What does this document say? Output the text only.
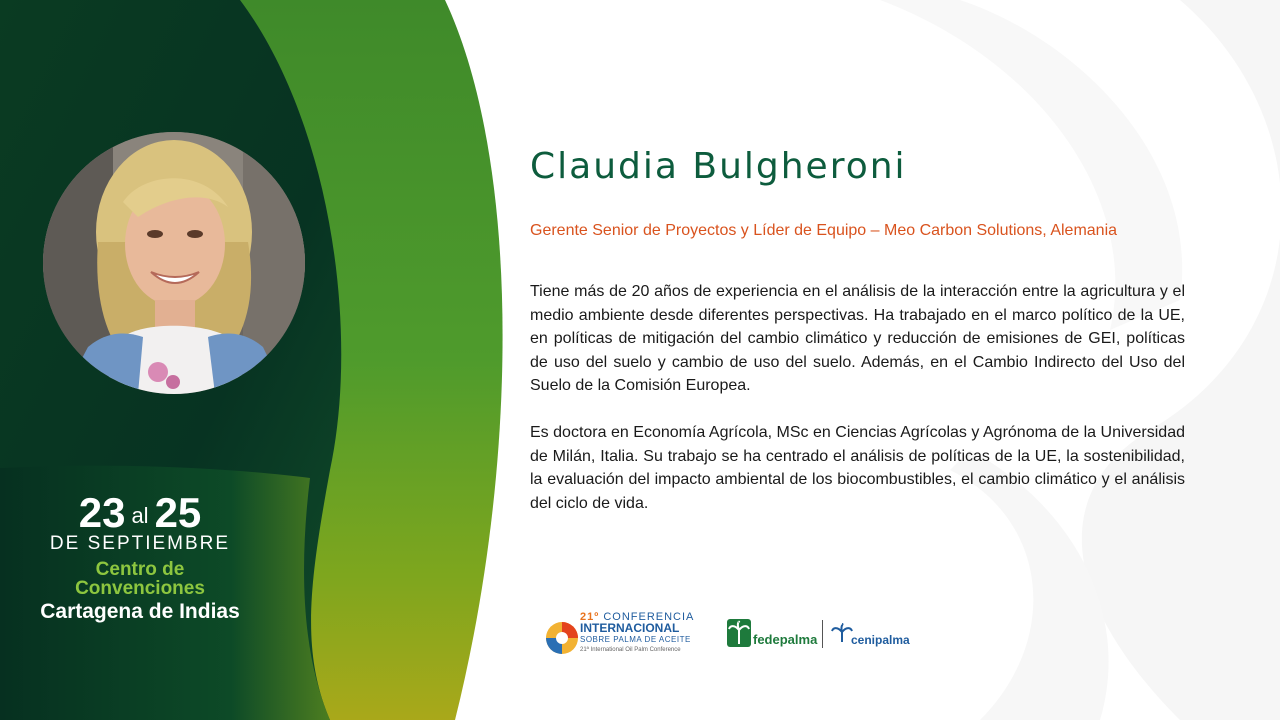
23 al 25
DE SEPTIEMBRE
Centro de
Convenciones
Cartagena de Indias
Claudia Bulgheroni
Gerente Senior de Proyectos y Líder de Equipo – Meo Carbon Solutions, Alemania

Tiene más de 20 años de experiencia en el análisis de la interacción entre la agricultura y el medio ambiente desde diferentes perspectivas. Ha trabajado en el marco político de la UE, en políticas de mitigación del cambio climático y reducción de emisiones de GEI, políticas de uso del suelo y cambio de uso del suelo. Además, en el Cambio Indirecto del Uso del Suelo de la Comisión Europea.

Es doctora en Economía Agrícola, MSc en Ciencias Agrícolas y Agrónoma de la Universidad de Milán, Italia. Su trabajo se ha centrado el análisis de políticas de la UE, la sostenibilidad, la evaluación del impacto ambiental de los biocombustibles, el cambio climático y el análisis del ciclo de vida.

21º CONFERENCIA
INTERNACIONAL
SOBRE PALMA DE ACEITE
21ª International Oil Palm Conference
fedepalma	cenipalma
